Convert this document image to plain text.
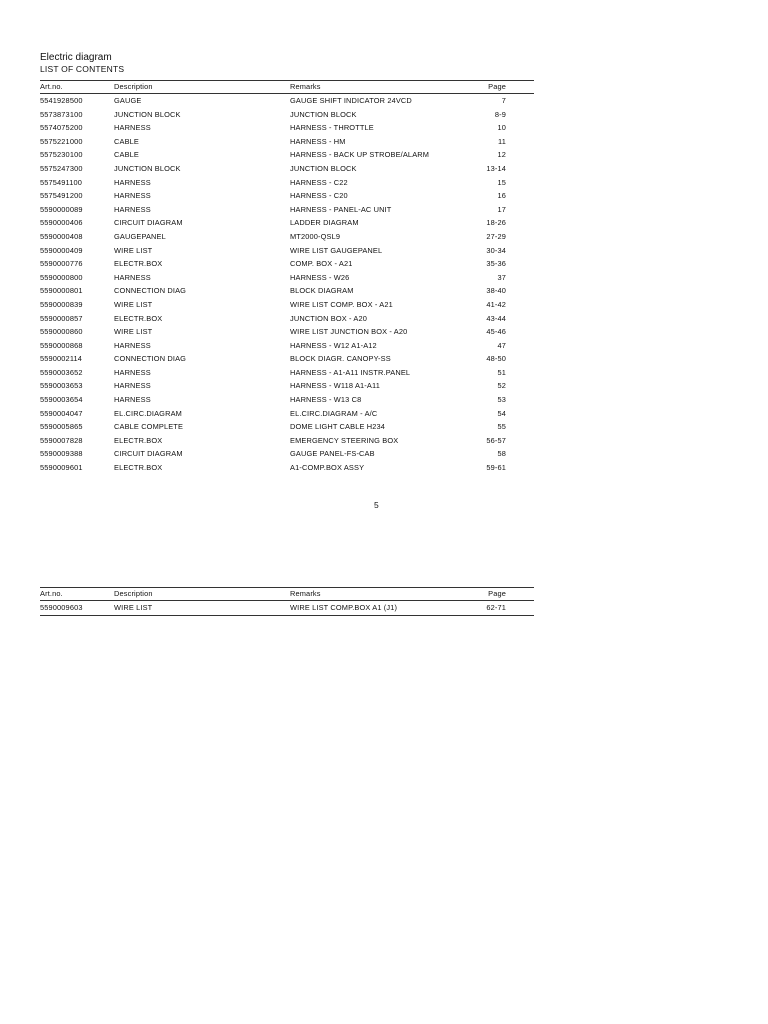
Electric diagram
LIST OF CONTENTS
Art.no.	Description	Remarks	Page
5541928500	GAUGE	GAUGE SHIFT INDICATOR 24VCD	7
5573873100	JUNCTION BLOCK	JUNCTION BLOCK	8-9
5574075200	HARNESS	HARNESS - THROTTLE	10
5575221000	CABLE	HARNESS - HM	11
5575230100	CABLE	HARNESS - BACK UP STROBE/ALARM	12
5575247300	JUNCTION BLOCK	JUNCTION BLOCK	13-14
5575491100	HARNESS	HARNESS - C22	15
5575491200	HARNESS	HARNESS - C20	16
5590000089	HARNESS	HARNESS - PANEL-AC UNIT	17
5590000406	CIRCUIT DIAGRAM	LADDER DIAGRAM	18-26
5590000408	GAUGEPANEL	MT2000-QSL9	27-29
5590000409	WIRE LIST	WIRE LIST GAUGEPANEL	30-34
5590000776	ELECTR.BOX	COMP. BOX - A21	35-36
5590000800	HARNESS	HARNESS - W26	37
5590000801	CONNECTION DIAG	BLOCK DIAGRAM	38-40
5590000839	WIRE LIST	WIRE LIST COMP. BOX - A21	41-42
5590000857	ELECTR.BOX	JUNCTION BOX - A20	43-44
5590000860	WIRE LIST	WIRE LIST JUNCTION BOX - A20	45-46
5590000868	HARNESS	HARNESS - W12 A1-A12	47
5590002114	CONNECTION DIAG	BLOCK DIAGR. CANOPY-SS	48-50
5590003652	HARNESS	HARNESS - A1-A11 INSTR.PANEL	51
5590003653	HARNESS	HARNESS - W118 A1-A11	52
5590003654	HARNESS	HARNESS - W13 C8	53
5590004047	EL.CIRC.DIAGRAM	EL.CIRC.DIAGRAM - A/C	54
5590005865	CABLE COMPLETE	DOME LIGHT CABLE H234	55
5590007828	ELECTR.BOX	EMERGENCY STEERING BOX	56-57
5590009388	CIRCUIT DIAGRAM	GAUGE PANEL-FS-CAB	58
5590009601	ELECTR.BOX	A1-COMP.BOX ASSY	59-61
5
Art.no.	Description	Remarks	Page
5590009603	WIRE LIST	WIRE LIST COMP.BOX A1 (J1)	62-71
